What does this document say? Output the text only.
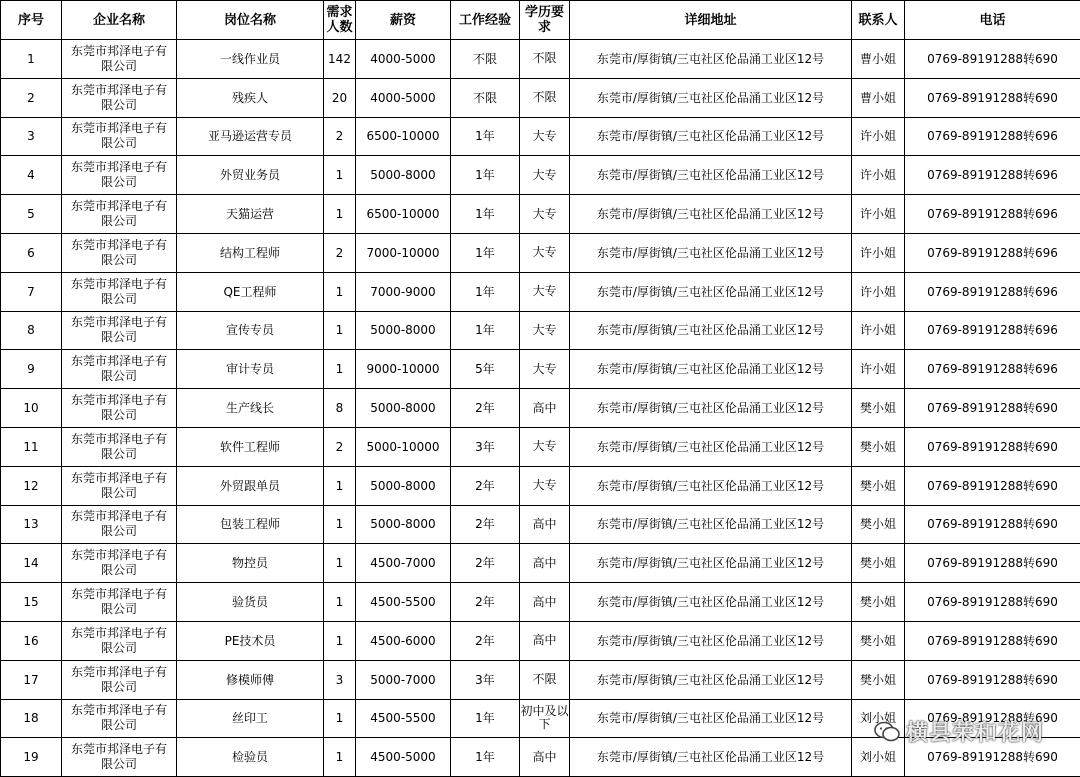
序号	企业名称	岗位名称	需求人数	薪资	工作经验	学历要求	详细地址	联系人	电话
1	东莞市邦泽电子有限公司	一线作业员	142	4000-5000	不限	不限	东莞市/厚街镇/三屯社区伦品涌工业区12号	曹小姐	0769-89191288转690
2	东莞市邦泽电子有限公司	残疾人	20	4000-5000	不限	不限	东莞市/厚街镇/三屯社区伦品涌工业区12号	曹小姐	0769-89191288转690
3	东莞市邦泽电子有限公司	亚马逊运营专员	2	6500-10000	1年	大专	东莞市/厚街镇/三屯社区伦品涌工业区12号	许小姐	0769-89191288转696
4	东莞市邦泽电子有限公司	外贸业务员	1	5000-8000	1年	大专	东莞市/厚街镇/三屯社区伦品涌工业区12号	许小姐	0769-89191288转696
5	东莞市邦泽电子有限公司	天猫运营	1	6500-10000	1年	大专	东莞市/厚街镇/三屯社区伦品涌工业区12号	许小姐	0769-89191288转696
6	东莞市邦泽电子有限公司	结构工程师	2	7000-10000	1年	大专	东莞市/厚街镇/三屯社区伦品涌工业区12号	许小姐	0769-89191288转696
7	东莞市邦泽电子有限公司	QE工程师	1	7000-9000	1年	大专	东莞市/厚街镇/三屯社区伦品涌工业区12号	许小姐	0769-89191288转696
8	东莞市邦泽电子有限公司	宣传专员	1	5000-8000	1年	大专	东莞市/厚街镇/三屯社区伦品涌工业区12号	许小姐	0769-89191288转696
9	东莞市邦泽电子有限公司	审计专员	1	9000-10000	5年	大专	东莞市/厚街镇/三屯社区伦品涌工业区12号	许小姐	0769-89191288转696
10	东莞市邦泽电子有限公司	生产线长	8	5000-8000	2年	高中	东莞市/厚街镇/三屯社区伦品涌工业区12号	樊小姐	0769-89191288转690
11	东莞市邦泽电子有限公司	软件工程师	2	5000-10000	3年	大专	东莞市/厚街镇/三屯社区伦品涌工业区12号	樊小姐	0769-89191288转690
12	东莞市邦泽电子有限公司	外贸跟单员	1	5000-8000	2年	大专	东莞市/厚街镇/三屯社区伦品涌工业区12号	樊小姐	0769-89191288转690
13	东莞市邦泽电子有限公司	包装工程师	1	5000-8000	2年	高中	东莞市/厚街镇/三屯社区伦品涌工业区12号	樊小姐	0769-89191288转690
14	东莞市邦泽电子有限公司	物控员	1	4500-7000	2年	高中	东莞市/厚街镇/三屯社区伦品涌工业区12号	樊小姐	0769-89191288转690
15	东莞市邦泽电子有限公司	验货员	1	4500-5500	2年	高中	东莞市/厚街镇/三屯社区伦品涌工业区12号	樊小姐	0769-89191288转690
16	东莞市邦泽电子有限公司	PE技术员	1	4500-6000	2年	高中	东莞市/厚街镇/三屯社区伦品涌工业区12号	樊小姐	0769-89191288转690
17	东莞市邦泽电子有限公司	修模师傅	3	5000-7000	3年	不限	东莞市/厚街镇/三屯社区伦品涌工业区12号	樊小姐	0769-89191288转690
18	东莞市邦泽电子有限公司	丝印工	1	4500-5500	1年	初中及以下	东莞市/厚街镇/三屯社区伦品涌工业区12号	刘小姐	0769-89191288转690
19	东莞市邦泽电子有限公司	检验员	1	4500-5000	1年	高中	东莞市/厚街镇/三屯社区伦品涌工业区12号	刘小姐	0769-89191288转690
横县荣和花网
